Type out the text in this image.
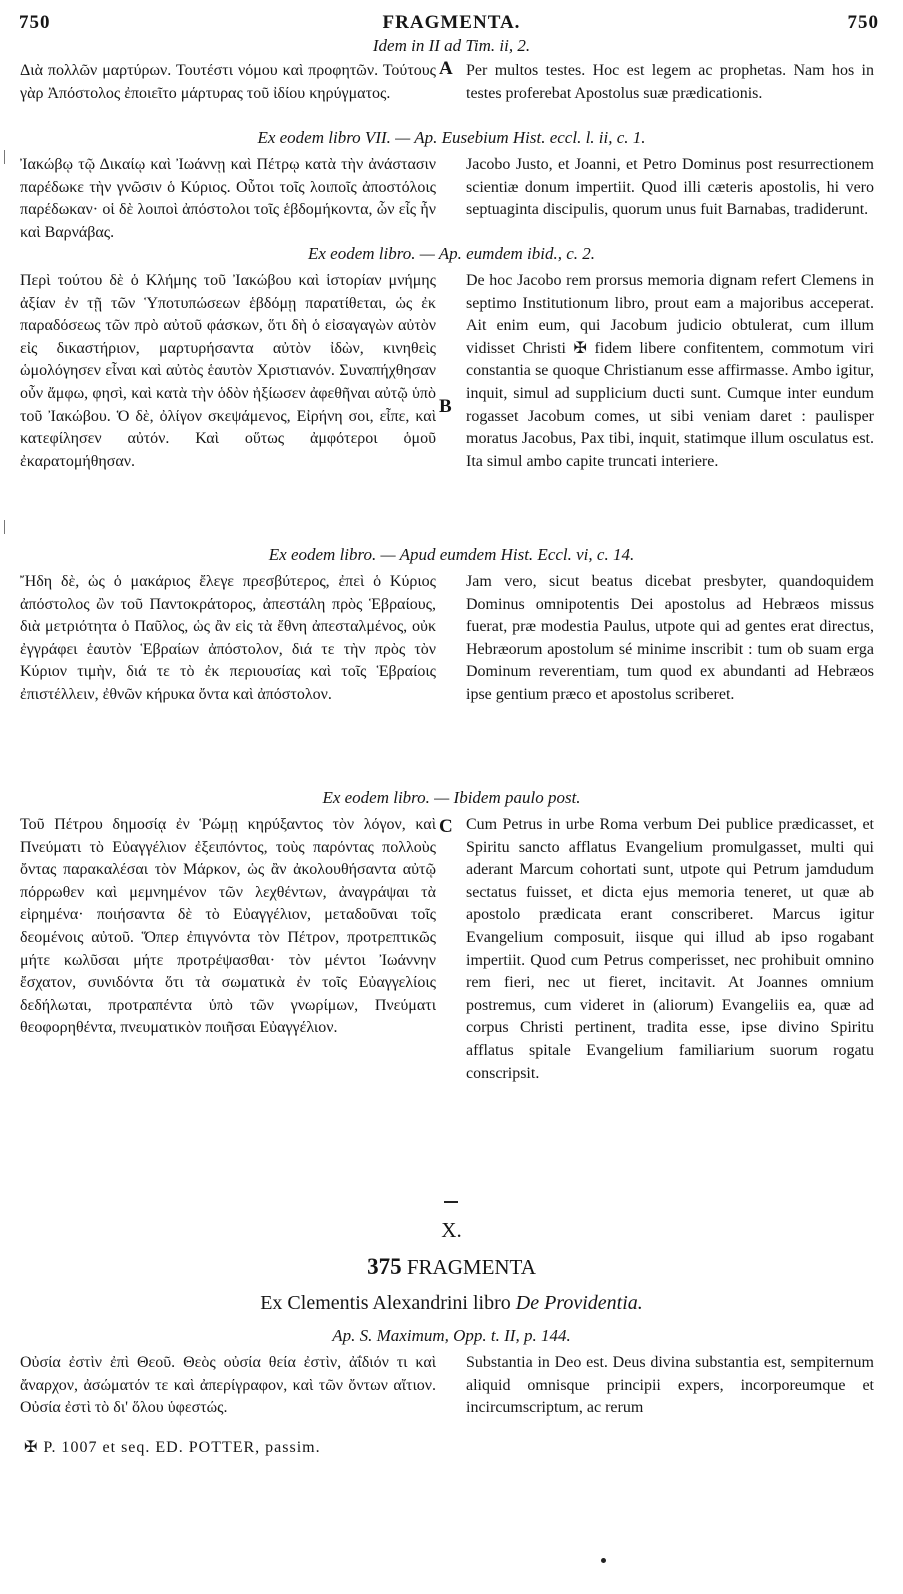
750	FRAGMENTA.	750
Idem in II ad Tim. ii, 2.

Διὰ πολλῶν μαρτύρων. Τουτέστι νόμου καὶ προφητῶν. Τούτους γὰρ Ἀπόστολος ἐποιεῖτο μάρτυρας τοῦ ἰδίου κηρύγματος.

Per multos testes. Hoc est legem ac prophetas. Nam hos in testes proferebat Apostolus suæ prædicationis.

Ex eodem libro VII. — Ap. Eusebium Hist. eccl. l. ii, c. 1.

Ἰακώβῳ τῷ Δικαίῳ καὶ Ἰωάννῃ καὶ Πέτρῳ κατὰ τὴν ἀνάστασιν παρέδωκε τὴν γνῶσιν ὁ Κύριος. Οὗτοι τοῖς λοιποῖς ἀποστόλοις παρέδωκαν· οἱ δὲ λοιποὶ ἀπόστολοι τοῖς ἑβδομήκοντα, ὧν εἷς ἦν καὶ Βαρνάβας.

Jacobo Justo, et Joanni, et Petro Dominus post resurrectionem scientiæ donum impertiit. Quod illi cæteris apostolis, hi vero septuaginta discipulis, quorum unus fuit Barnabas, tradiderunt.

Ex eodem libro. — Ap. eumdem ibid., c. 2.

Περὶ τούτου δὲ ὁ Κλήμης τοῦ Ἰακώβου καὶ ἱστορίαν μνήμης ἀξίαν ἐν τῇ τῶν Ὑποτυπώσεων ἑβδόμῃ παρατίθεται, ὡς ἐκ παραδόσεως τῶν πρὸ αὐτοῦ φάσκων, ὅτι δὴ ὁ εἰσαγαγὼν αὐτὸν εἰς δικαστήριον, μαρτυρήσαντα αὐτὸν ἰδὼν, κινηθεὶς ὡμολόγησεν εἶναι καὶ αὐτὸς ἑαυτὸν Χριστιανόν. Συναπήχθησαν οὖν ἄμφω, φησὶ, καὶ κατὰ τὴν ὁδὸν ἠξίωσεν ἀφεθῆναι αὐτῷ ὑπὸ τοῦ Ἰακώβου. Ὁ δὲ, ὀλίγον σκεψάμενος, Εἰρήνη σοι, εἶπε, καὶ κατεφίλησεν αὐτόν. Καὶ οὕτως ἀμφότεροι ὁμοῦ ἐκαρατομήθησαν.

De hoc Jacobo rem prorsus memoria dignam refert Clemens in septimo Institutionum libro, prout eam a majoribus acceperat. Ait enim eum, qui Jacobum judicio obtulerat, cum illum vidisset Christi ✠ fidem libere confitentem, commotum viri constantia se quoque Christianum esse affirmasse. Ambo igitur, inquit, simul ad supplicium ducti sunt. Cumque inter eundum rogasset Jacobum comes, ut sibi veniam daret : paulisper moratus Jacobus, Pax tibi, inquit, statimque illum osculatus est. Ita simul ambo capite truncati interiere.

Ex eodem libro. — Apud eumdem Hist. Eccl. vi, c. 14.

Ἤδη δὲ, ὡς ὁ μακάριος ἔλεγε πρεσβύτερος, ἐπεὶ ὁ Κύριος ἀπόστολος ὢν τοῦ Παντοκράτορος, ἀπεστάλη πρὸς Ἑβραίους, διὰ μετριότητα ὁ Παῦλος, ὡς ἂν εἰς τὰ ἔθνη ἀπεσταλμένος, οὐκ ἐγγράφει ἑαυτὸν Ἑβραίων ἀπόστολον, διά τε τὴν πρὸς τὸν Κύριον τιμὴν, διά τε τὸ ἐκ περιουσίας καὶ τοῖς Ἑβραίοις ἐπιστέλλειν, ἐθνῶν κήρυκα ὄντα καὶ ἀπόστολον.

Jam vero, sicut beatus dicebat presbyter, quandoquidem Dominus omnipotentis Dei apostolus ad Hebræos missus fuerat, præ modestia Paulus, utpote qui ad gentes erat directus, Hebræorum apostolum sé minime inscribit : tum ob suam erga Dominum reverentiam, tum quod ex abundanti ad Hebræos ipse gentium præco et apostolus scriberet.

Ex eodem libro. — Ibidem paulo post.

Τοῦ Πέτρου δημοσίᾳ ἐν Ῥώμῃ κηρύξαντος τὸν λόγον, καὶ Πνεύματι τὸ Εὐαγγέλιον ἐξειπόντος, τοὺς παρόντας πολλοὺς ὄντας παρακαλέσαι τὸν Μάρκον, ὡς ἂν ἀκολουθήσαντα αὐτῷ πόρρωθεν καὶ μεμνημένον τῶν λεχθέντων, ἀναγράψαι τὰ εἰρημένα· ποιήσαντα δὲ τὸ Εὐαγγέλιον, μεταδοῦναι τοῖς δεομένοις αὐτοῦ. Ὅπερ ἐπιγνόντα τὸν Πέτρον, προτρεπτικῶς μήτε κωλῦσαι μήτε προτρέψασθαι· τὸν μέντοι Ἰωάννην ἔσχατον, συνιδόντα ὅτι τὰ σωματικὰ ἐν τοῖς Εὐαγγελίοις δεδήλωται, προτραπέντα ὑπὸ τῶν γνωρίμων, Πνεύματι θεοφορηθέντα, πνευματικὸν ποιῆσαι Εὐαγγέλιον.

Cum Petrus in urbe Roma verbum Dei publice prædicasset, et Spiritu sancto afflatus Evangelium promulgasset, multi qui aderant Marcum cohortati sunt, utpote qui Petrum jamdudum sectatus fuisset, et dicta ejus memoria teneret, ut quæ ab apostolo prædicata erant conscriberet. Marcus igitur Evangelium composuit, iisque qui illud ab ipso rogabant impertiit. Quod cum Petrus comperisset, nec prohibuit omnino rem fieri, nec ut fieret, incitavit. At Joannes omnium postremus, cum videret in (aliorum) Evangeliis ea, quæ ad corpus Christi pertinent, tradita esse, ipse divino Spiritu afflatus spitale Evangelium familiarium suorum rogatu conscripsit.

A
B
C
X.
375 FRAGMENTA
Ex Clementis Alexandrini libro De Providentia.
Ap. S. Maximum, Opp. t. II, p. 144.

Οὐσία ἐστὶν ἐπὶ Θεοῦ. Θεὸς οὐσία θεία ἐστὶν, ἀΐδιόν τι καὶ ἄναρχον, ἀσώματόν τε καὶ ἀπερίγραφον, καὶ τῶν ὄντων αἴτιον. Οὐσία ἐστὶ τὸ δι' ὅλου ὑφεστώς.

Substantia in Deo est. Deus divina substantia est, sempiternum aliquid omnisque principii expers, incorporeumque et incircumscriptum, ac rerum

✠ P. 1007 et seq. ED. POTTER, passim.
